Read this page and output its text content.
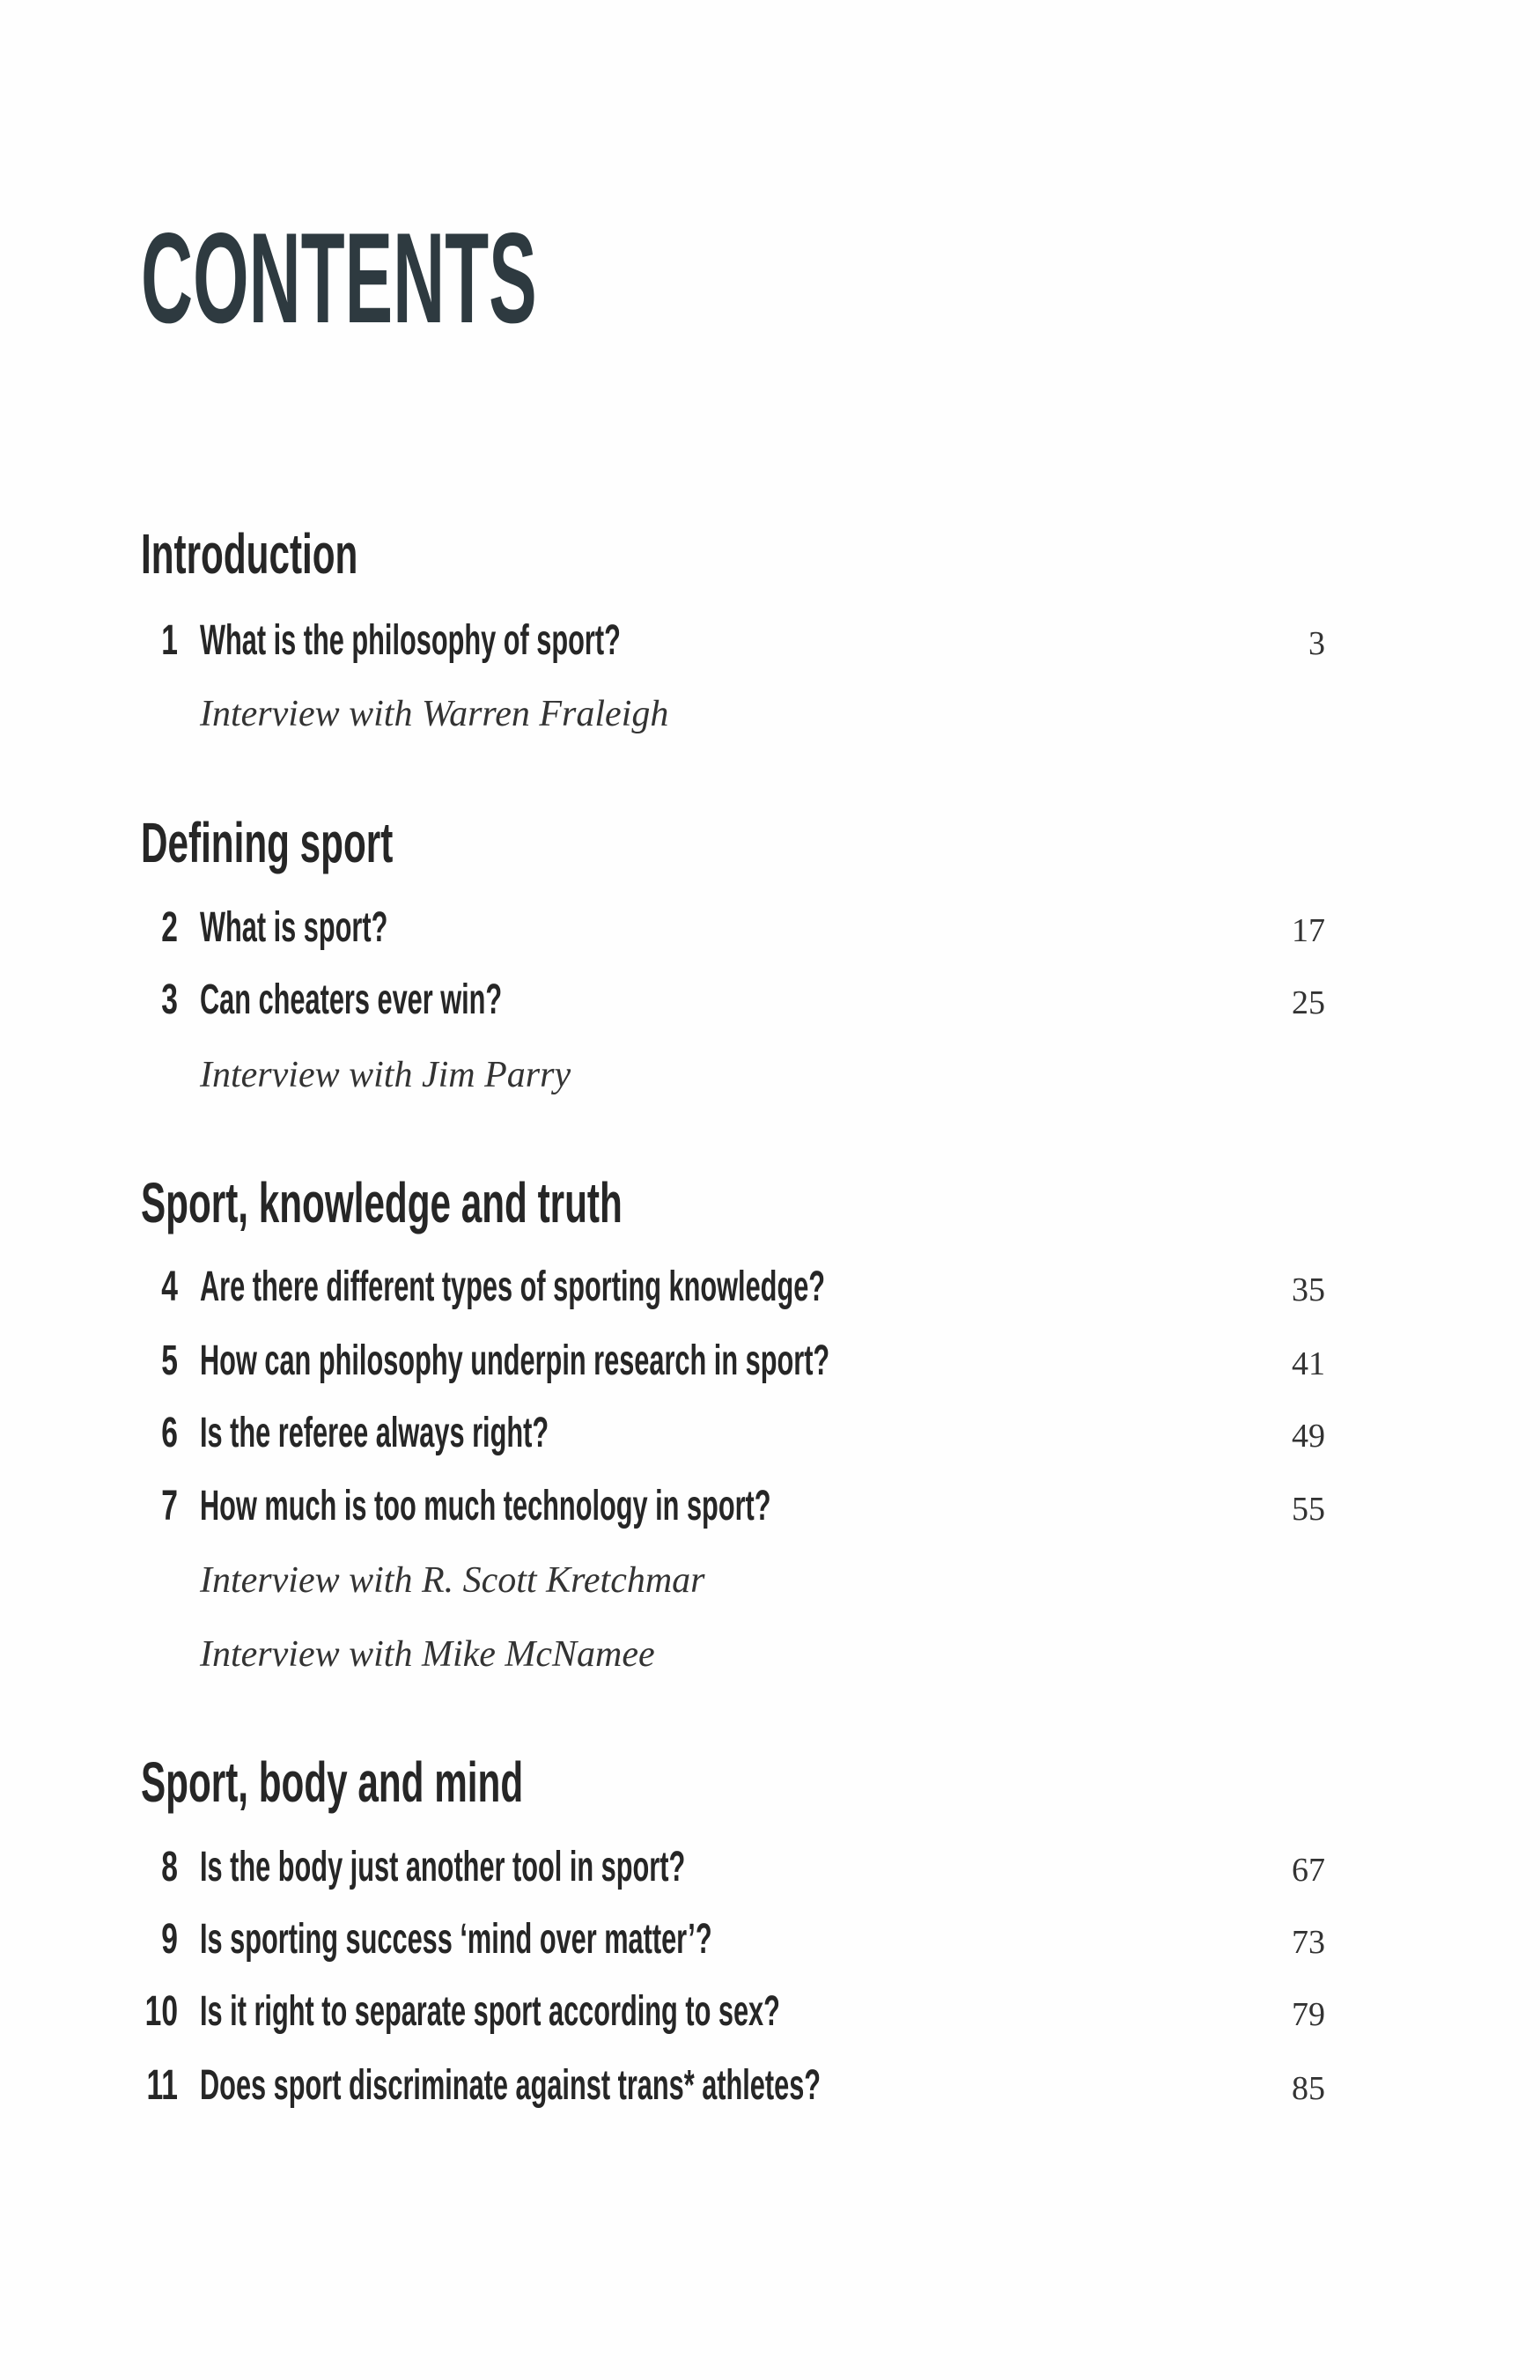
CONTENTS
Introduction
1 What is the philosophy of sport?	3
Interview with Warren Fraleigh
Defining sport
2 What is sport?	17
3 Can cheaters ever win?	25
Interview with Jim Parry
Sport, knowledge and truth
4 Are there different types of sporting knowledge?	35
5 How can philosophy underpin research in sport?	41
6 Is the referee always right?	49
7 How much is too much technology in sport?	55
Interview with R. Scott Kretchmar
Interview with Mike McNamee
Sport, body and mind
8 Is the body just another tool in sport?	67
9 Is sporting success ‘mind over matter’?	73
10 Is it right to separate sport according to sex?	79
11 Does sport discriminate against trans* athletes?	85
